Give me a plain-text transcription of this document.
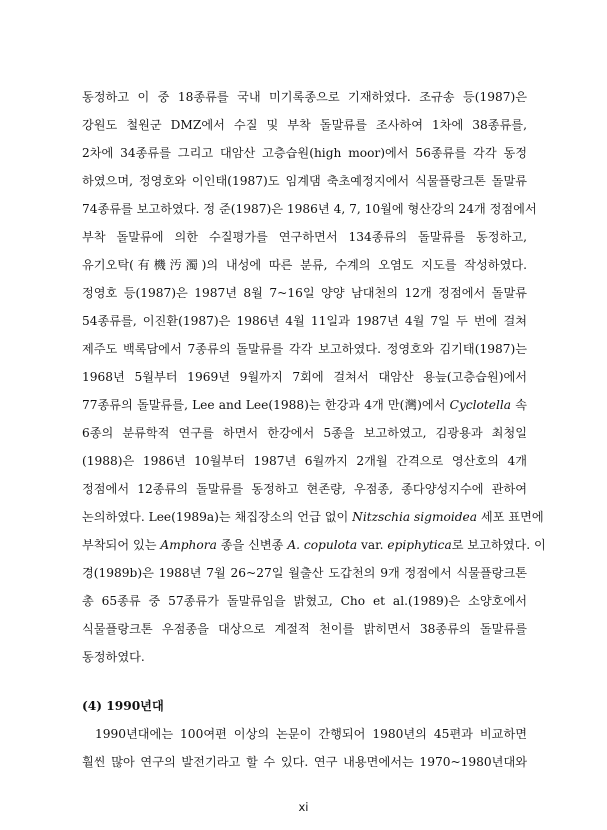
동정하고 이 중 18종류를 국내 미기록종으로 기재하였다. 조규송 등(1987)은
강원도 철원군 DMZ에서 수질 및 부착 돌말류를 조사하여 1차에 38종류를,
2차에 34종류를 그리고 대암산 고층습원(high moor)에서 56종류를 각각 동정
하였으며, 정영호와 이인태(1987)도 임계댐 축초예정지에서 식물플랑크톤 돌말류
74종류를 보고하였다. 정 준(1987)은 1986년 4, 7, 10월에 형산강의 24개 정점에서
부착 돌말류에 의한 수질평가를 연구하면서 134종류의 돌말류를 동정하고,
유기오탁(有機汚濁)의 내성에 따른 분류, 수계의 오염도 지도를 작성하였다.
정영호 등(1987)은 1987년 8월 7~16일 양양 남대천의 12개 정점에서 돌말류
54종류를, 이진환(1987)은 1986년 4월 11일과 1987년 4월 7일 두 번에 걸쳐
제주도 백록담에서 7종류의 돌말류를 각각 보고하였다. 정영호와 김기태(1987)는
1968년 5월부터 1969년 9월까지 7회에 걸쳐서 대암산 용늪(고층습원)에서
77종류의 돌말류를, Lee and Lee(1988)는 한강과 4개 만(灣)에서 Cyclotella 속
6종의 분류학적 연구를 하면서 한강에서 5종을 보고하였고, 김광용과 최청일
(1988)은 1986년 10월부터 1987년 6월까지 2개월 간격으로 영산호의 4개
정점에서 12종류의 돌말류를 동정하고 현존량, 우점종, 종다양성지수에 관하여
논의하였다. Lee(1989a)는 채집장소의 언급 없이 Nitzschia sigmoidea 세포 표면에
부착되어 있는 Amphora 종을 신변종 A. copulota var. epiphytica로 보고하였다. 이
경(1989b)은 1988년 7월 26~27일 월출산 도갑천의 9개 정점에서 식물플랑크톤
총 65종류 중 57종류가 돌말류임을 밝혔고, Cho et al.(1989)은 소양호에서
식물플랑크톤 우점종을 대상으로 계절적 천이를 밝히면서 38종류의 돌말류를
동정하였다.
(4) 1990년대
1990년대에는 100여편 이상의 논문이 간행되어 1980년의 45편과 비교하면
훨씬 많아 연구의 발전기라고 할 수 있다. 연구 내용면에서는 1970~1980년대와
xi
